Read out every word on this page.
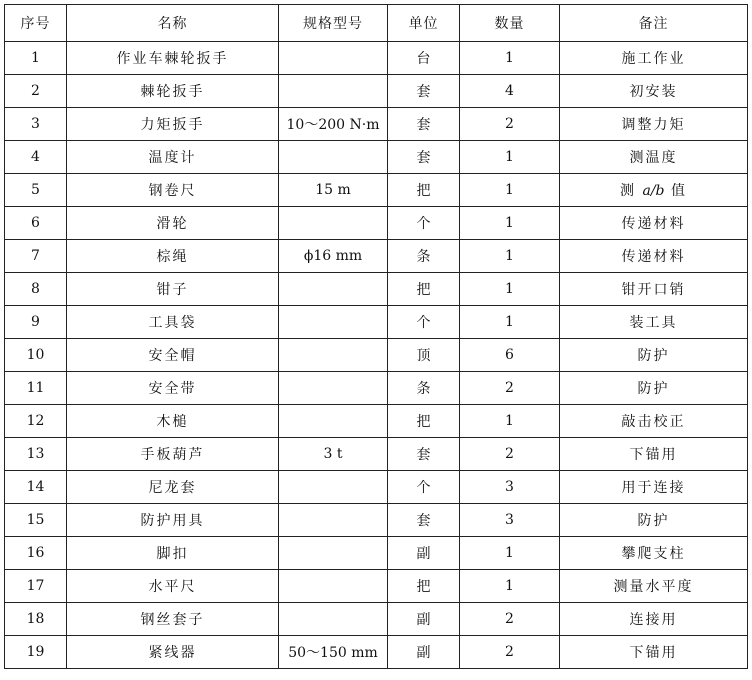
序号	名称	规格型号	单位	数量	备注
1	作业车棘轮扳手		台	1	施工作业
2	棘轮扳手		套	4	初安装
3	力矩扳手	10～200 N·m	套	2	调整力矩
4	温度计		套	1	测温度
5	钢卷尺	15 m	把	1	测 a/b 值
6	滑轮		个	1	传递材料
7	棕绳	ϕ16 mm	条	1	传递材料
8	钳子		把	1	钳开口销
9	工具袋		个	1	装工具
10	安全帽		顶	6	防护
11	安全带		条	2	防护
12	木槌		把	1	敲击校正
13	手板葫芦	3 t	套	2	下锚用
14	尼龙套		个	3	用于连接
15	防护用具		套	3	防护
16	脚扣		副	1	攀爬支柱
17	水平尺		把	1	测量水平度
18	钢丝套子		副	2	连接用
19	紧线器	50～150 mm	副	2	下锚用
